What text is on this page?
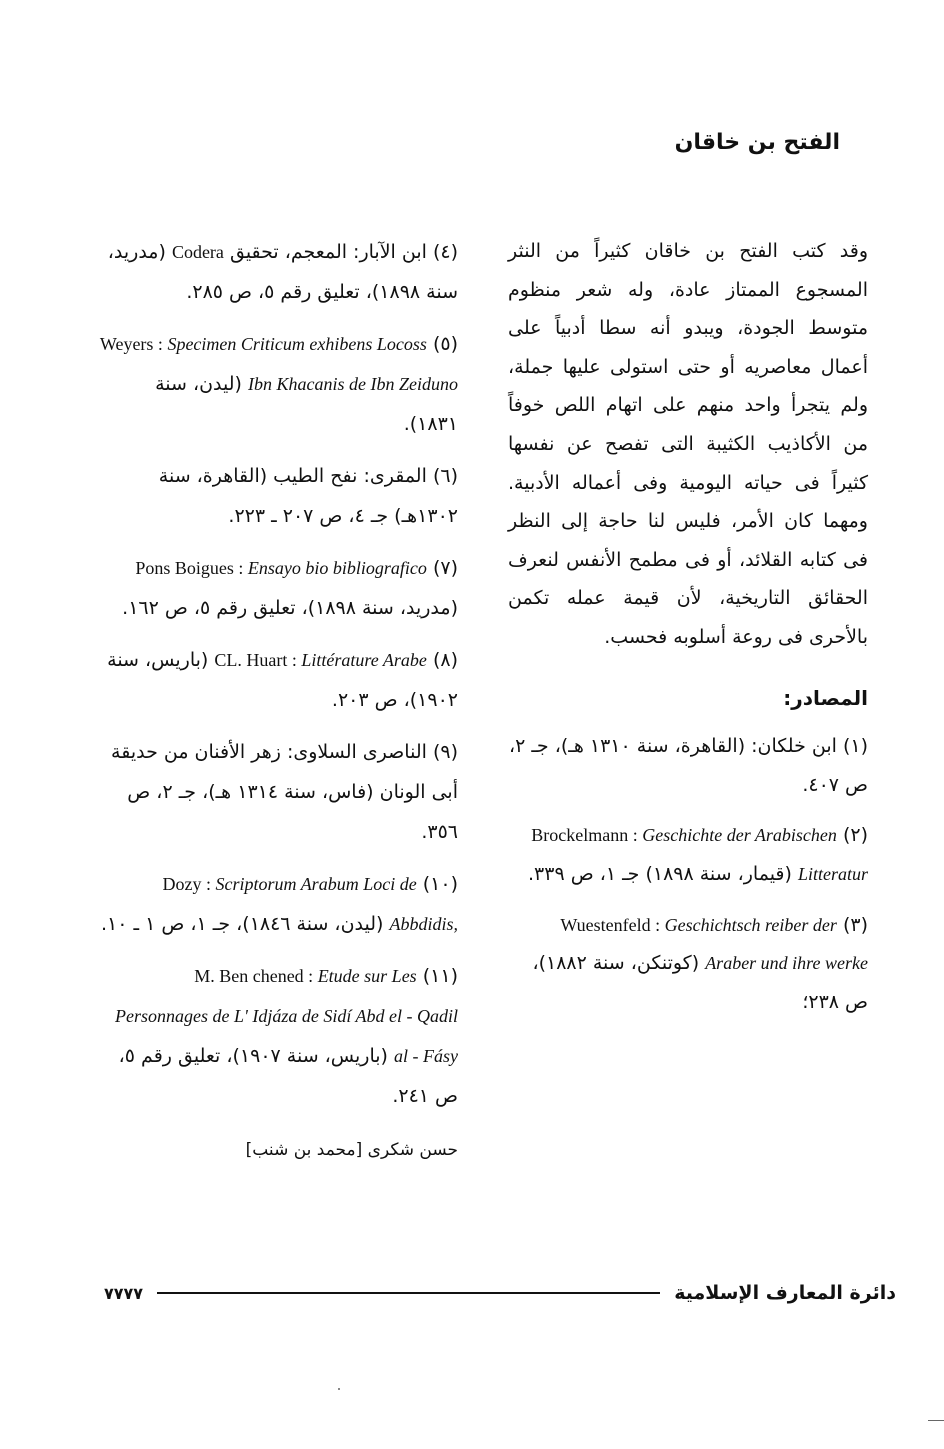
الفتح بن خاقان

وقد كتب الفتح بن خاقان كثيراً من النثر المسجوع الممتاز عادة، وله شعر منظوم متوسط الجودة، ويبدو أنه سطا أدبياً على أعمال معاصريه أو حتى استولى عليها جملة، ولم يتجرأ واحد منهم على اتهام اللص خوفاً من الأكاذيب الكثيبة التى تفصح عن نفسها كثيراً فى حياته اليومية وفى أعماله الأدبية. ومهما كان الأمر، فليس لنا حاجة إلى النظر فى كتابه القلائد، أو فى مطمح الأنفس لنعرف الحقائق التاريخية، لأن قيمة عمله تكمن بالأحرى فى روعة أسلوبه فحسب.

المصادر:

(١) ابن خلكان: (القاهرة، سنة ١٣١٠ هـ)، جـ ٢، ص ٤٠٧.

(٢) Brockelmann : Geschichte der Arabischen Litteratur (قيمار، سنة ١٨٩٨) جـ ١، ص ٣٣٩.

(٣) Wuestenfeld : Geschichtsch reiber der Araber und ihre werke (كوتنكن، سنة ١٨٨٢)، ص ٢٣٨؛

(٤) ابن الآبار: المعجم، تحقيق Codera (مدريد، سنة ١٨٩٨)، تعليق رقم ٥، ص ٢٨٥.

(٥) Weyers : Specimen Criticum exhibens Locoss Ibn Khacanis de Ibn Zeiduno (ليدن، سنة ١٨٣١).

(٦) المقرى: نفح الطيب (القاهرة، سنة ١٣٠٢هـ) جـ ٤، ص ٢٠٧ ـ ٢٢٣.

(٧) Pons Boigues : Ensayo bio bibliografico (مدريد، سنة ١٨٩٨)، تعليق رقم ٥، ص ١٦٢.

(٨) CL. Huart : Littérature Arabe (باريس، سنة ١٩٠٢)، ص ٢٠٣.

(٩) الناصرى السلاوى: زهر الأفنان من حديقة أبى الونان (فاس، سنة ١٣١٤ هـ)، جـ ٢، ص ٣٥٦.

(١٠) Dozy : Scriptorum Arabum Loci de Abbdidis, (ليدن، سنة ١٨٤٦)، جـ ١، ص ١ ـ ١٠.

(١١) M. Ben chened : Etude sur Les Personnages de L' Idjáza de Sidí Abd el - Qadil al - Fásy (باريس، سنة ١٩٠٧)، تعليق رقم ٥، ص ٢٤١.

حسن شكرى [محمد بن شنب]
دائرة المعارف الإسلامية
٧٧٧٧
